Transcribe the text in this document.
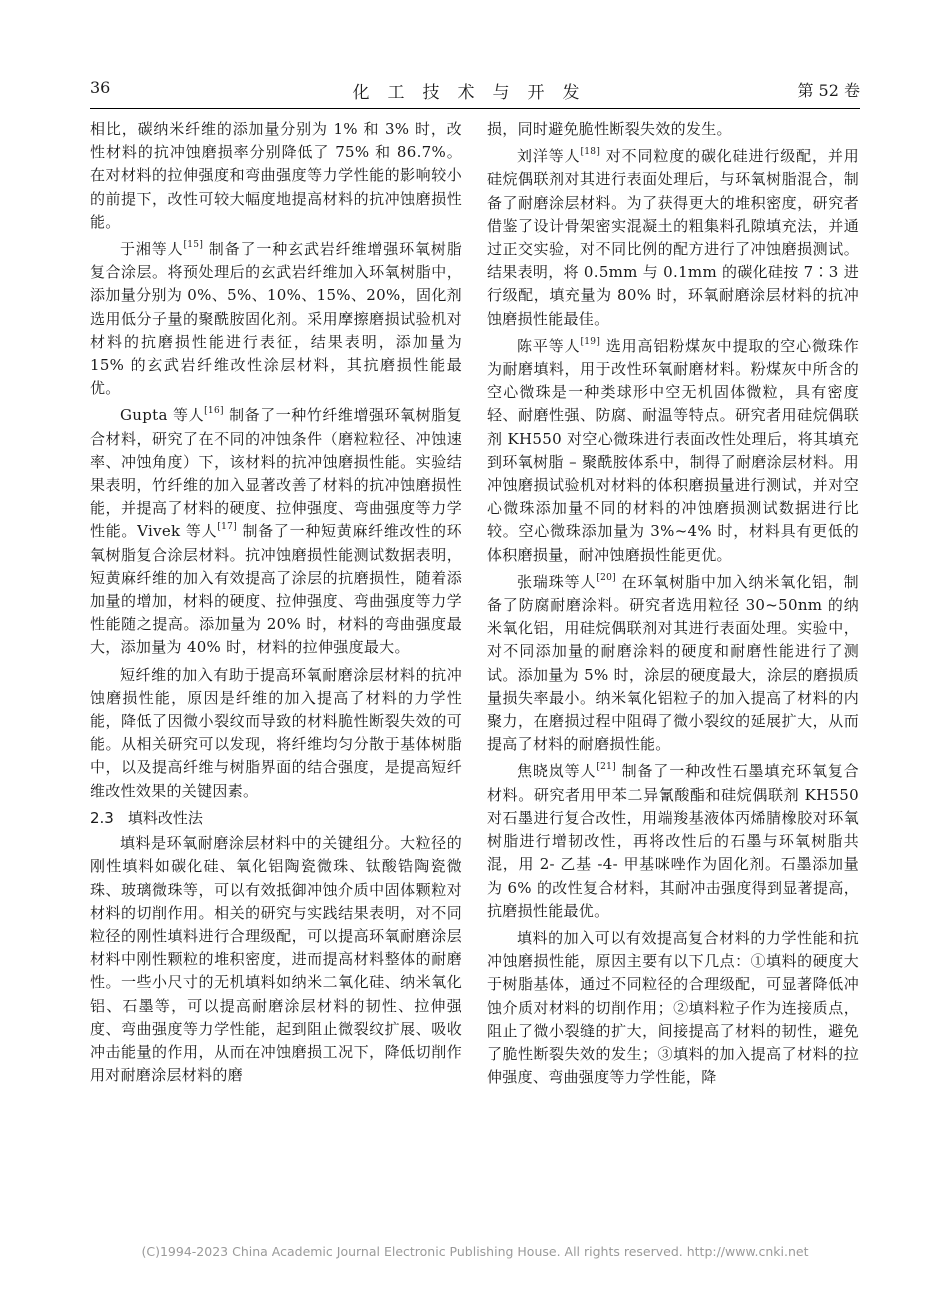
36	化工技术与开发	第 52 卷

相比，碳纳米纤维的添加量分别为 1% 和 3% 时，改性材料的抗冲蚀磨损率分别降低了 75% 和 86.7%。在对材料的拉伸强度和弯曲强度等力学性能的影响较小的前提下，改性可较大幅度地提高材料的抗冲蚀磨损性能。

于湘等人[15] 制备了一种玄武岩纤维增强环氧树脂复合涂层。将预处理后的玄武岩纤维加入环氧树脂中，添加量分别为 0%、5%、10%、15%、20%，固化剂选用低分子量的聚酰胺固化剂。采用摩擦磨损试验机对材料的抗磨损性能进行表征，结果表明，添加量为 15% 的玄武岩纤维改性涂层材料，其抗磨损性能最优。

Gupta 等人[16] 制备了一种竹纤维增强环氧树脂复合材料，研究了在不同的冲蚀条件（磨粒粒径、冲蚀速率、冲蚀角度）下，该材料的抗冲蚀磨损性能。实验结果表明，竹纤维的加入显著改善了材料的抗冲蚀磨损性能，并提高了材料的硬度、拉伸强度、弯曲强度等力学性能。Vivek 等人[17] 制备了一种短黄麻纤维改性的环氧树脂复合涂层材料。抗冲蚀磨损性能测试数据表明，短黄麻纤维的加入有效提高了涂层的抗磨损性，随着添加量的增加，材料的硬度、拉伸强度、弯曲强度等力学性能随之提高。添加量为 20% 时，材料的弯曲强度最大，添加量为 40% 时，材料的拉伸强度最大。

短纤维的加入有助于提高环氧耐磨涂层材料的抗冲蚀磨损性能，原因是纤维的加入提高了材料的力学性能，降低了因微小裂纹而导致的材料脆性断裂失效的可能。从相关研究可以发现，将纤维均匀分散于基体树脂中，以及提高纤维与树脂界面的结合强度，是提高短纤维改性效果的关键因素。

2.3 填料改性法

填料是环氧耐磨涂层材料中的关键组分。大粒径的刚性填料如碳化硅、氧化铝陶瓷微珠、钛酸锆陶瓷微珠、玻璃微珠等，可以有效抵御冲蚀介质中固体颗粒对材料的切削作用。相关的研究与实践结果表明，对不同粒径的刚性填料进行合理级配，可以提高环氧耐磨涂层材料中刚性颗粒的堆积密度，进而提高材料整体的耐磨性。一些小尺寸的无机填料如纳米二氧化硅、纳米氧化铝、石墨等，可以提高耐磨涂层材料的韧性、拉伸强度、弯曲强度等力学性能，起到阻止微裂纹扩展、吸收冲击能量的作用，从而在冲蚀磨损工况下，降低切削作用对耐磨涂层材料的磨

损，同时避免脆性断裂失效的发生。

刘洋等人[18] 对不同粒度的碳化硅进行级配，并用硅烷偶联剂对其进行表面处理后，与环氧树脂混合，制备了耐磨涂层材料。为了获得更大的堆积密度，研究者借鉴了设计骨架密实混凝土的粗集料孔隙填充法，并通过正交实验，对不同比例的配方进行了冲蚀磨损测试。结果表明，将 0.5mm 与 0.1mm 的碳化硅按 7∶3 进行级配，填充量为 80% 时，环氧耐磨涂层材料的抗冲蚀磨损性能最佳。

陈平等人[19] 选用高铝粉煤灰中提取的空心微珠作为耐磨填料，用于改性环氧耐磨材料。粉煤灰中所含的空心微珠是一种类球形中空无机固体微粒，具有密度轻、耐磨性强、防腐、耐温等特点。研究者用硅烷偶联剂 KH550 对空心微珠进行表面改性处理后，将其填充到环氧树脂 – 聚酰胺体系中，制得了耐磨涂层材料。用冲蚀磨损试验机对材料的体积磨损量进行测试，并对空心微珠添加量不同的材料的冲蚀磨损测试数据进行比较。空心微珠添加量为 3%~4% 时，材料具有更低的体积磨损量，耐冲蚀磨损性能更优。

张瑞珠等人[20] 在环氧树脂中加入纳米氧化铝，制备了防腐耐磨涂料。研究者选用粒径 30~50nm 的纳米氧化铝，用硅烷偶联剂对其进行表面处理。实验中，对不同添加量的耐磨涂料的硬度和耐磨性能进行了测试。添加量为 5% 时，涂层的硬度最大，涂层的磨损质量损失率最小。纳米氧化铝粒子的加入提高了材料的内聚力，在磨损过程中阻碍了微小裂纹的延展扩大，从而提高了材料的耐磨损性能。

焦晓岚等人[21] 制备了一种改性石墨填充环氧复合材料。研究者用甲苯二异氰酸酯和硅烷偶联剂 KH550 对石墨进行复合改性，用端羧基液体丙烯腈橡胶对环氧树脂进行增韧改性，再将改性后的石墨与环氧树脂共混，用 2- 乙基 -4- 甲基咪唑作为固化剂。石墨添加量为 6% 的改性复合材料，其耐冲击强度得到显著提高，抗磨损性能最优。

填料的加入可以有效提高复合材料的力学性能和抗冲蚀磨损性能，原因主要有以下几点：①填料的硬度大于树脂基体，通过不同粒径的合理级配，可显著降低冲蚀介质对材料的切削作用；②填料粒子作为连接质点，阻止了微小裂缝的扩大，间接提高了材料的韧性，避免了脆性断裂失效的发生；③填料的加入提高了材料的拉伸强度、弯曲强度等力学性能，降

(C)1994-2023 China Academic Journal Electronic Publishing House. All rights reserved. http://www.cnki.net
